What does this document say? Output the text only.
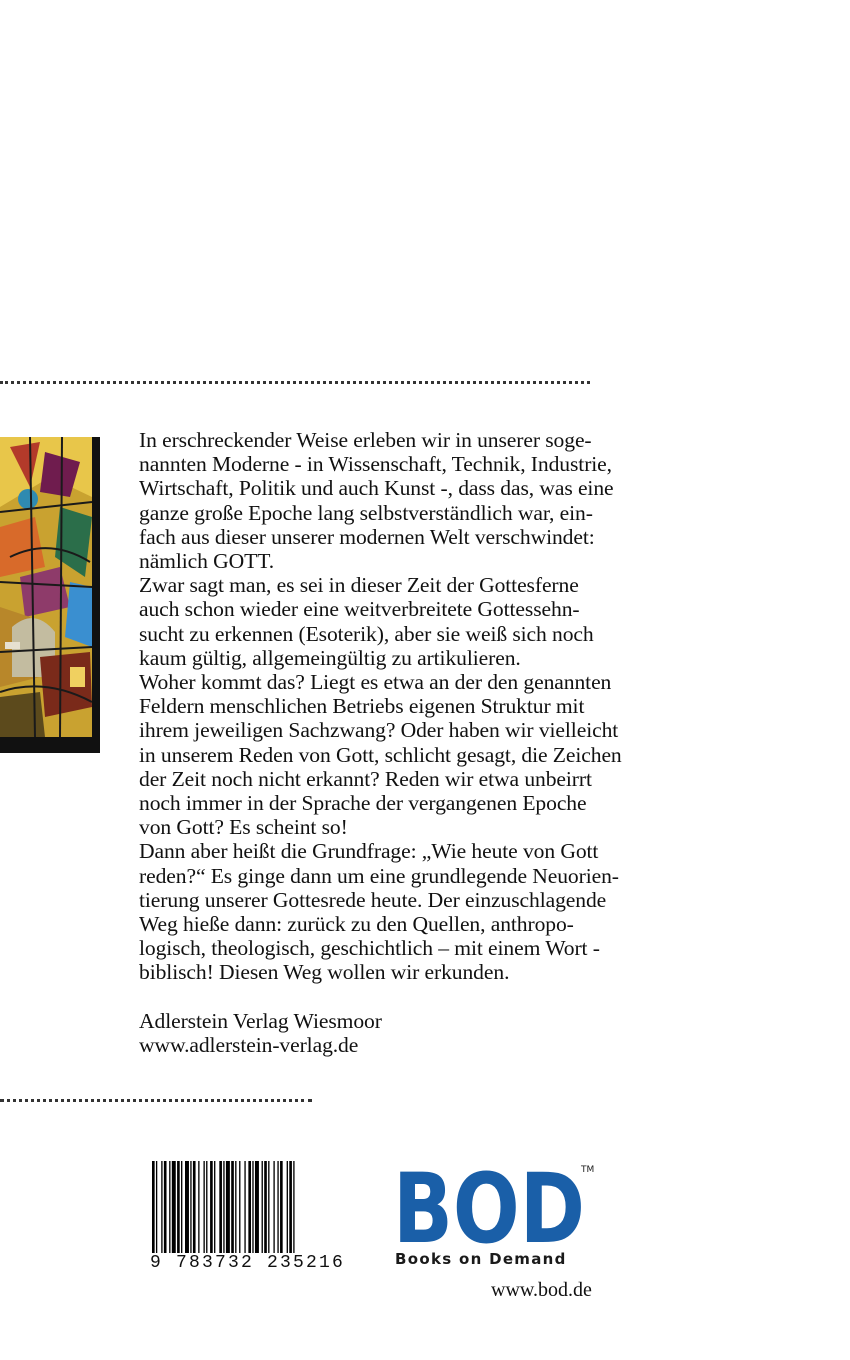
In erschreckender Weise erleben wir in unserer soge-

nannten Moderne - in Wissenschaft, Technik, Industrie,

Wirtschaft, Politik und auch Kunst -, dass das, was eine

ganze große Epoche lang selbstverständlich war, ein-

fach aus dieser unserer modernen Welt verschwindet:

nämlich GOTT.

Zwar sagt man, es sei in dieser Zeit der Gottesferne

auch schon wieder eine weitverbreitete Gottessehn-

sucht zu erkennen (Esoterik), aber sie weiß sich noch

kaum gültig, allgemeingültig zu artikulieren.

Woher kommt das? Liegt es etwa an der den genannten

Feldern menschlichen Betriebs eigenen Struktur mit

ihrem jeweiligen Sachzwang? Oder haben wir vielleicht

in unserem Reden von Gott, schlicht gesagt, die Zeichen

der Zeit noch nicht erkannt? Reden wir etwa unbeirrt

noch immer in der Sprache der vergangenen Epoche

von Gott? Es scheint so!

Dann aber heißt die Grundfrage: „Wie heute von Gott

reden?“ Es ginge dann um eine grundlegende Neuorien-

tierung unserer Gottesrede heute. Der einzuschlagende

Weg hieße dann: zurück zu den Quellen, anthropo-

logisch, theologisch, geschichtlich – mit einem Wort -

biblisch! Diesen Weg wollen wir erkunden.

Adlerstein Verlag Wiesmoor

www.adlerstein-verlag.de

9 783732 235216 BOD
TM
Books on Demand
www.bod.de
